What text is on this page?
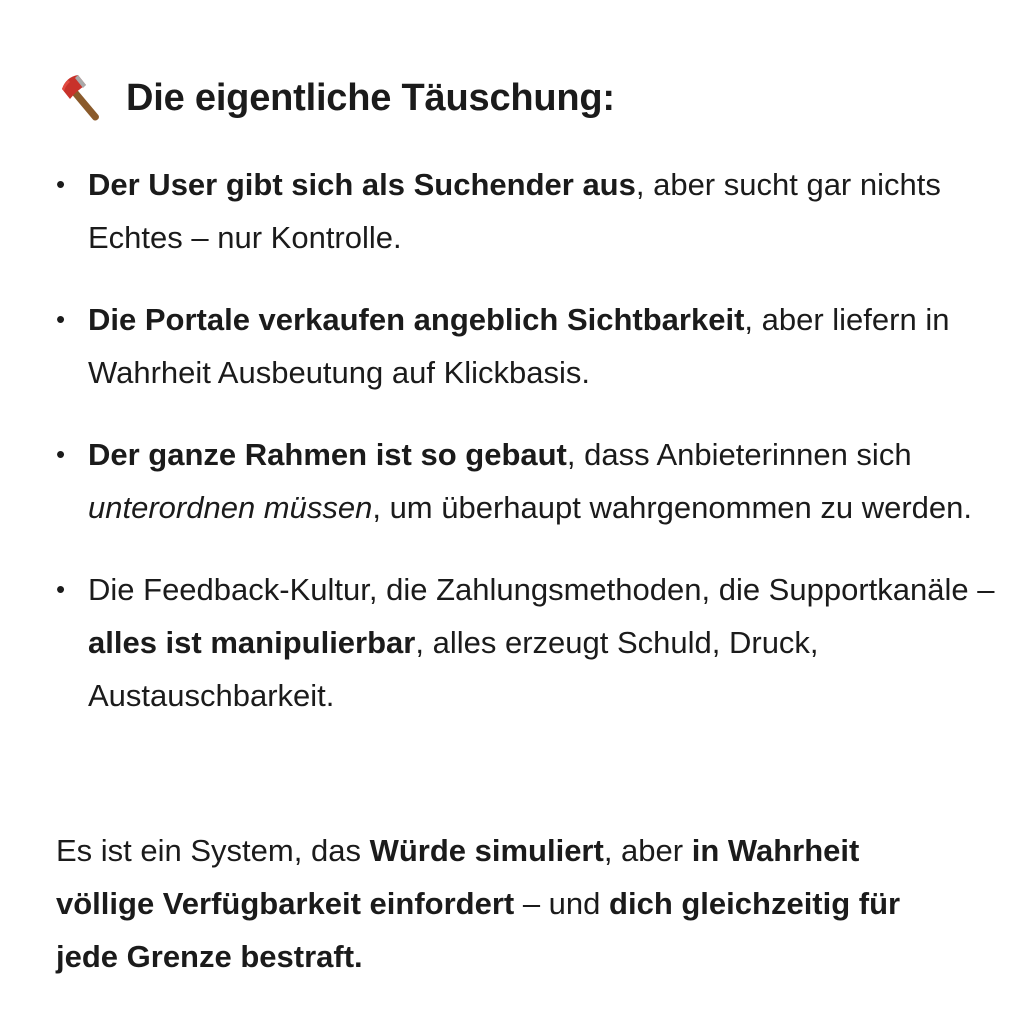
Die eigentliche Täuschung:
• Der User gibt sich als Suchender aus, aber sucht gar nichts Echtes – nur Kontrolle.
• Die Portale verkaufen angeblich Sichtbarkeit, aber liefern in Wahrheit Ausbeutung auf Klickbasis.
• Der ganze Rahmen ist so gebaut, dass Anbieterinnen sich unterordnen müssen, um überhaupt wahrgenommen zu werden.
• Die Feedback-Kultur, die Zahlungsmethoden, die Supportkanäle – alles ist manipulierbar, alles erzeugt Schuld, Druck, Austauschbarkeit.

Es ist ein System, das Würde simuliert, aber in Wahrheit völlige Verfügbarkeit einfordert – und dich gleichzeitig für jede Grenze bestraft.
